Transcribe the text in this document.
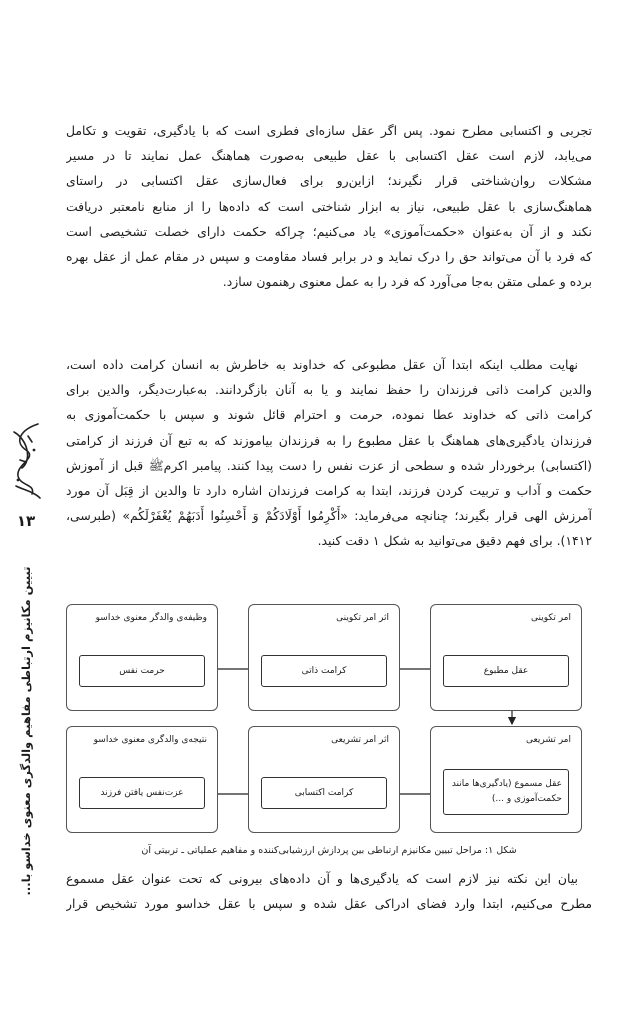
تجربی و اکتسابی مطرح نمود. پس اگر عقل سازه‌ای فطری است که با یادگیری، تقویت و تکامل
می‌یابد، لازم است عقل اکتسابی با عقل طبیعی به‌صورت هماهنگ عمل نمایند تا در مسیر
مشکلات روان‌شناختی قرار نگیرند؛ ازاین‌رو برای فعال‌سازی عقل اکتسابی در راستای
هماهنگ‌سازی با عقل طبیعی، نیاز به ابزار شناختی است که داده‌ها را از منابع نامعتبر دریافت
نکند و از آن به‌عنوان «حکمت‌آموزی» یاد می‌کنیم؛ چراکه حکمت دارای خصلت تشخیصی است
که فرد با آن می‌تواند حق را درک نماید و در برابر فساد مقاومت و سپس در مقام عمل از عقل بهره
برده و عملی متقن به‌جا می‌آورد که فرد را به عمل معنوی رهنمون سازد.
نهایت مطلب اینکه ابتدا آن عقل مطبوعی که خداوند به خاطرش به انسان کرامت داده است،
والدین کرامت ذاتی فرزندان را حفظ نمایند و یا به آنان بازگردانند. به‌عبارت‌دیگر، والدین برای
کرامت ذاتی که خداوند عطا نموده، حرمت و احترام قائل شوند و سپس با حکمت‌آموزی به
فرزندان یادگیری‌های هماهنگ با عقل مطبوع را به فرزندان بیاموزند که به تبع آن فرزند از کرامتی
(اکتسابی) برخوردار شده و سطحی از عزت نفس را دست پیدا کنند. پیامبر اکرمﷺ قبل از آموزش
حکمت و آداب و تربیت کردن فرزند، ابتدا به کرامت فرزندان اشاره دارد تا والدین از قِبَل آن مورد
آمرزش الهی قرار بگیرند؛ چنانچه می‌فرماید: «أَکْرِمُوا أَوْلَادَکُمْ وَ أَحْسِنُوا أَدَبَهُمْ یُغْفَرْلَکُم» (طبرسی،
۱۴۱۲). برای فهم دقیق می‌توانید به شکل ۱ دقت کنید.
۱۳
تبیین مکانیزم ارتباطی مفاهیم والدگری معنوی خداسو با...	امر تکوینی
عقل مطبوع
اثر امر تکوینی
کرامت ذاتی
وظیفه‌ی والدگر معنوی خداسو
حرمت نفس
امر تشریعی
عقل مسموع (یادگیری‌ها مانند
حکمت‌آموزی و ...)
اثر امر تشریعی
کرامت اکتسابی
نتیجه‌ی والدگری معنوی خداسو
عزت‌نفس یافتن فرزند
شکل ۱: مراحل تبیین مکانیزم ارتباطی بین پردازش ارزشیابی‌کننده و مفاهیم عملیاتی ـ تربیتی آن
بیان این نکته نیز لازم است که یادگیری‌ها و آن داده‌های بیرونی که تحت عنوان عقل مسموع
مطرح می‌کنیم، ابتدا وارد فضای ادراکی عقل شده و سپس با عقل خداسو مورد تشخیص قرار
